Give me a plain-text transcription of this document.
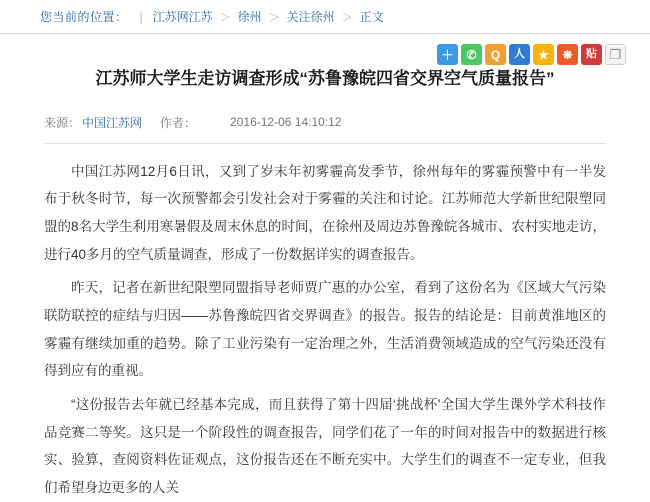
您当前的位置： | 江苏网江苏 ＞ 徐州 ＞ 关注徐州 ＞ 正文
＋ ✆ Q 人 ★ ❋ 贴 ❐
江苏师大学生走访调查形成“苏鲁豫皖四省交界空气质量报告”
来源： 中国江苏网 作者：	2016-12-06 14:10:12

中国江苏网12月6日讯，又到了岁末年初雾霾高发季节，徐州每年的雾霾预警中有一半发布于秋冬时节，每一次预警都会引发社会对于雾霾的关注和讨论。江苏师范大学新世纪限塑同盟的8名大学生利用寒暑假及周末休息的时间，在徐州及周边苏鲁豫皖各城市、农村实地走访，进行40多月的空气质量调查，形成了一份数据详实的调查报告。

昨天，记者在新世纪限塑同盟指导老师贾广惠的办公室，看到了这份名为《区域大气污染联防联控的症结与归因——苏鲁豫皖四省交界调查》的报告。报告的结论是：目前黄淮地区的雾霾有继续加重的趋势。除了工业污染有一定治理之外，生活消费领域造成的空气污染还没有得到应有的重视。

“这份报告去年就已经基本完成，而且获得了第十四届‘挑战杯’全国大学生课外学术科技作品竞赛二等奖。这只是一个阶段性的调查报告，同学们花了一年的时间对报告中的数据进行核实、验算，查阅资料佐证观点，这份报告还在不断充实中。大学生们的调查不一定专业，但我们希望身边更多的人关
